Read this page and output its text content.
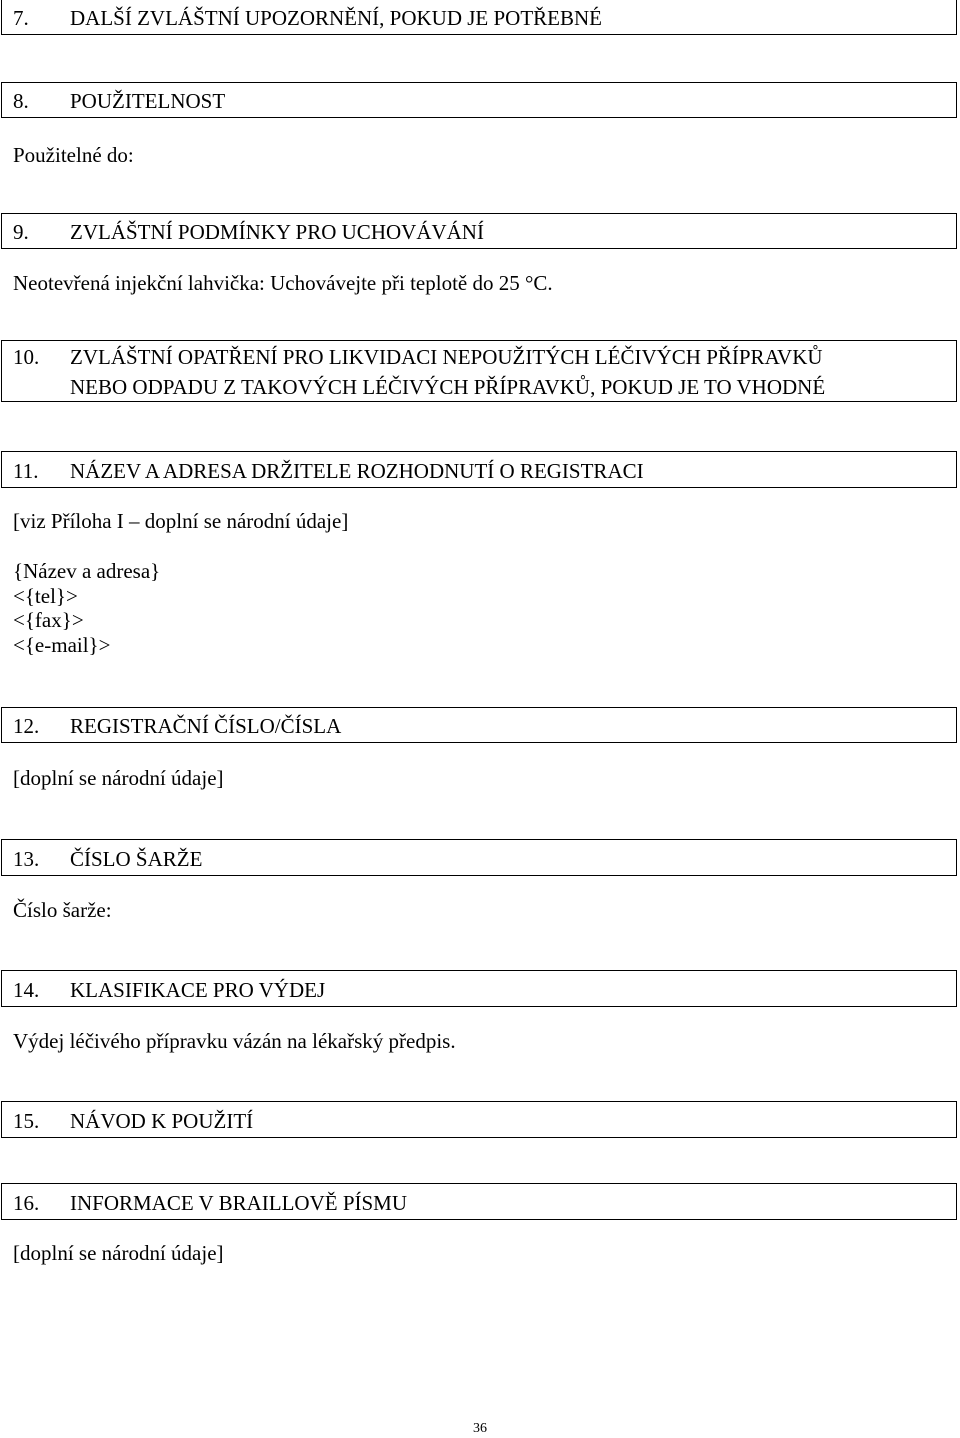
7.	DALŠÍ ZVLÁŠTNÍ UPOZORNĚNÍ, POKUD JE POTŘEBNÉ
8.	POUŽITELNOST
Použitelné do:
9.	ZVLÁŠTNÍ PODMÍNKY PRO UCHOVÁVÁNÍ
Neotevřená injekční lahvička: Uchovávejte při teplotě do 25 °C.
10.	ZVLÁŠTNÍ OPATŘENÍ PRO LIKVIDACI NEPOUŽITÝCH LÉČIVÝCH PŘÍPRAVKŮ
NEBO ODPADU Z TAKOVÝCH LÉČIVÝCH PŘÍPRAVKŮ, POKUD JE TO VHODNÉ
11.	NÁZEV A ADRESA DRŽITELE ROZHODNUTÍ O REGISTRACI
[viz Příloha I – doplní se národní údaje]
{Název a adresa}
<{tel}>
<{fax}>
<{e-mail}>
12.	REGISTRAČNÍ ČÍSLO/ČÍSLA
[doplní se národní údaje]
13.	ČÍSLO ŠARŽE
Číslo šarže:
14.	KLASIFIKACE PRO VÝDEJ
Výdej léčivého přípravku vázán na lékařský předpis.
15.	NÁVOD K POUŽITÍ
16.	INFORMACE V BRAILLOVĚ PÍSMU
[doplní se národní údaje]
36
